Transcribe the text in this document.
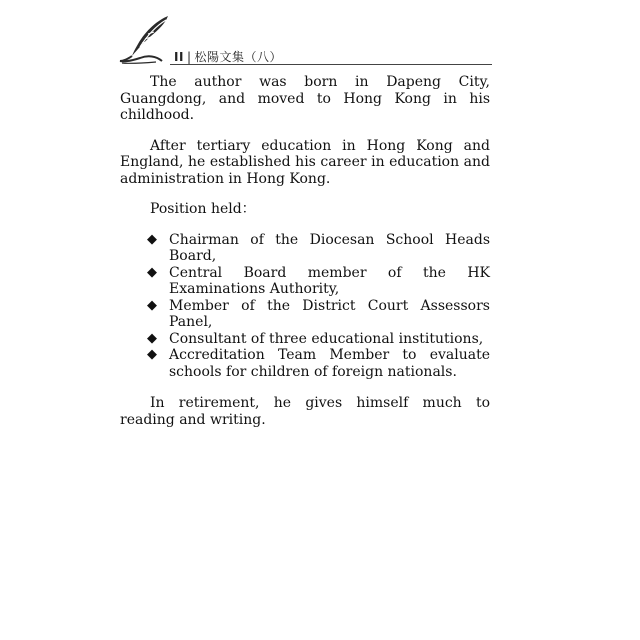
II | 松陽文集（八）

The author was born in Dapeng City, Guangdong, and moved to Hong Kong in his childhood.

After tertiary education in Hong Kong and England, he established his career in education and administration in Hong Kong.

Position held：

◆ Chairman of the Diocesan School Heads Board,
◆ Central Board member of the HK Examinations Authority,
◆ Member of the District Court Assessors Panel,
◆ Consultant of three educational institutions,
◆ Accreditation Team Member to evaluate schools for children of foreign nationals.

In retirement, he gives himself much to reading and writing.
